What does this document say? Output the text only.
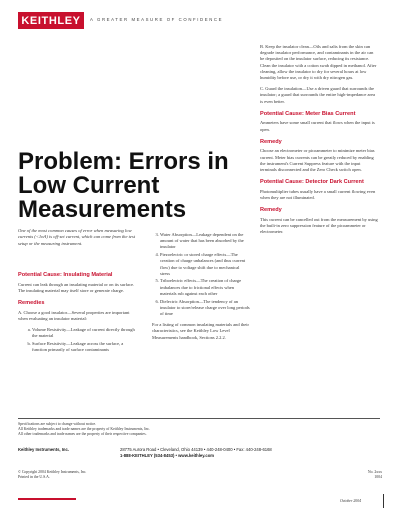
KEITHLEY	A GREATER MEASURE OF CONFIDENCE
Problem: Errors in Low Current Measurements
One of the most common causes of error when measuring low currents (<1nA) is off-set current, which can come from the test setup or the measuring instrument.
Potential Cause: Insulating Material

Current can leak through an insulating material or on its surface. The insulating material may itself store or generate charge.

Remedies

A. Choose a good insulator—Several properties are important when evaluating an insulator material:

a. Volume Resistivity—Leakage of current directly through the material
b. Surface Resistivity—Leakage across the surface, a function primarily of surface contaminants
3. Water Absorption—Leakage dependent on the amount of water that has been absorbed by the insulator
4. Piezoelectric or stored charge effects—The creation of charge unbalances (and thus current flow) due to voltage shift due to mechanical stress
5. Triboelectric effects—The creation of charge imbalances due to frictional effects when materials rub against each other
6. Dielectric Absorption—The tendency of an insulator to store/release charge over long periods of time

For a listing of common insulating materials and their characteristics, see the Keithley Low Level Measurements handbook, Sections 2.2.2.

B. Keep the insulator clean—Oils and salts from the skin can degrade insulator performance, and contaminants in the air can be deposited on the insulator surface, reducing its resistance. Clean the insulator with a cotton swab dipped in methanol. After cleaning, allow the insulator to dry for several hours at low humidity before use, or dry it with dry nitrogen gas.

C. Guard the insulation—Use a driven guard that surrounds the insulator; a guard that surrounds the entire high-impedance area is even better.

Potential Cause: Meter Bias Current

Ammeters have some small current that flows when the input is open.

Remedy

Choose an electrometer or picoammeter to minimize meter bias current. Meter bias currents can be greatly reduced by enabling the instrument's Current Suppress feature with the input terminals disconnected and the Zero Check switch open.

Potential Cause: Detector Dark Current

Photomultiplier tubes usually have a small current flowing even when they are not illuminated.

Remedy

This current can be cancelled out from the measurement by using the built-in zero suppression feature of the picoammeter or electrometer.

Specifications are subject to change without notice.
All Keithley trademarks and trade names are the property of Keithley Instruments, Inc.
All other trademarks and trade names are the property of their respective companies.
Keithley Instruments, Inc.	28775 Aurora Road • Cleveland, Ohio 44139 • 440-248-0400 • Fax: 440-248-6168
1-888-KEITHLEY (534-8453) • www.keithley.com
© Copyright 2004 Keithley Instruments, Inc.
Printed in the U.S.A.
No. 2xxx
1004
October 2004
